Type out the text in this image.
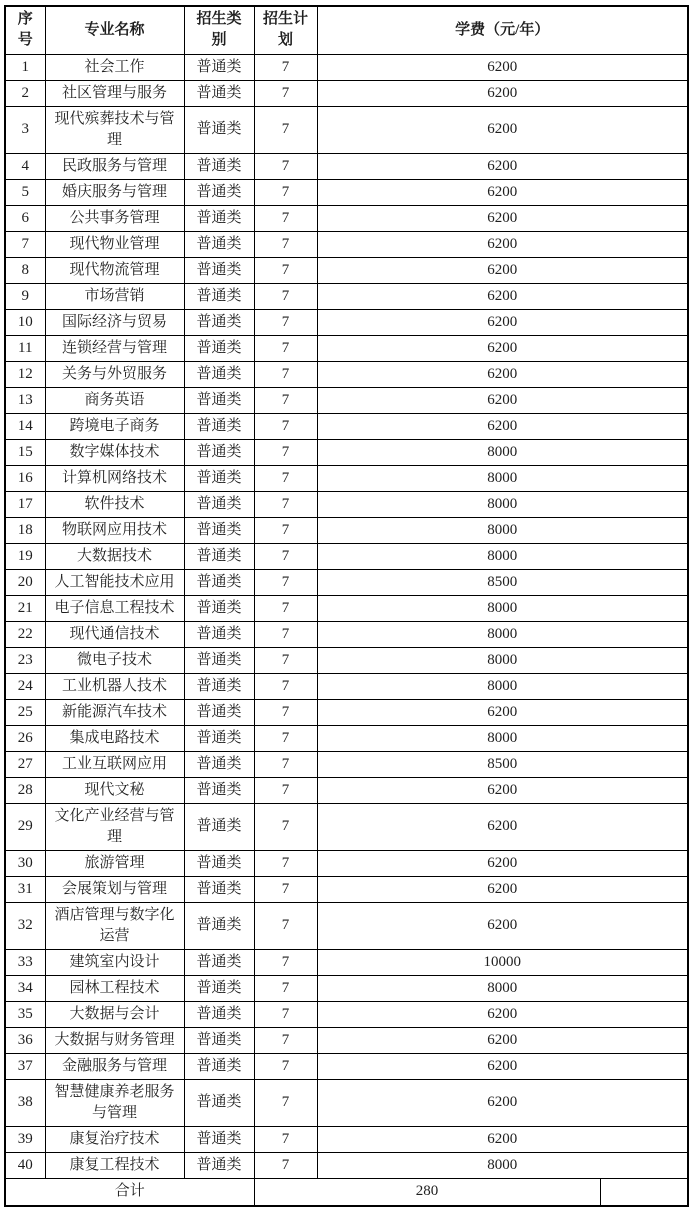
序号	专业名称	招生类别	招生计划	学费（元/年）	
1	社会工作	普通类	7	6200	
2	社区管理与服务	普通类	7	6200	
3	现代殡葬技术与管理	普通类	7	6200	
4	民政服务与管理	普通类	7	6200	
5	婚庆服务与管理	普通类	7	6200	
6	公共事务管理	普通类	7	6200	
7	现代物业管理	普通类	7	6200	
8	现代物流管理	普通类	7	6200	
9	市场营销	普通类	7	6200	
10	国际经济与贸易	普通类	7	6200	
11	连锁经营与管理	普通类	7	6200	
12	关务与外贸服务	普通类	7	6200	
13	商务英语	普通类	7	6200	
14	跨境电子商务	普通类	7	6200	
15	数字媒体技术	普通类	7	8000	
16	计算机网络技术	普通类	7	8000	
17	软件技术	普通类	7	8000	
18	物联网应用技术	普通类	7	8000	
19	大数据技术	普通类	7	8000	
20	人工智能技术应用	普通类	7	8500	
21	电子信息工程技术	普通类	7	8000	
22	现代通信技术	普通类	7	8000	
23	微电子技术	普通类	7	8000	
24	工业机器人技术	普通类	7	8000	
25	新能源汽车技术	普通类	7	6200	
26	集成电路技术	普通类	7	8000	
27	工业互联网应用	普通类	7	8500	
28	现代文秘	普通类	7	6200	
29	文化产业经营与管理	普通类	7	6200	
30	旅游管理	普通类	7	6200	
31	会展策划与管理	普通类	7	6200	
32	酒店管理与数字化运营	普通类	7	6200	
33	建筑室内设计	普通类	7	10000	
34	园林工程技术	普通类	7	8000	
35	大数据与会计	普通类	7	6200	
36	大数据与财务管理	普通类	7	6200	
37	金融服务与管理	普通类	7	6200	
38	智慧健康养老服务与管理	普通类	7	6200	
39	康复治疗技术	普通类	7	6200	
40	康复工程技术	普通类	7	8000	
合计			280		
